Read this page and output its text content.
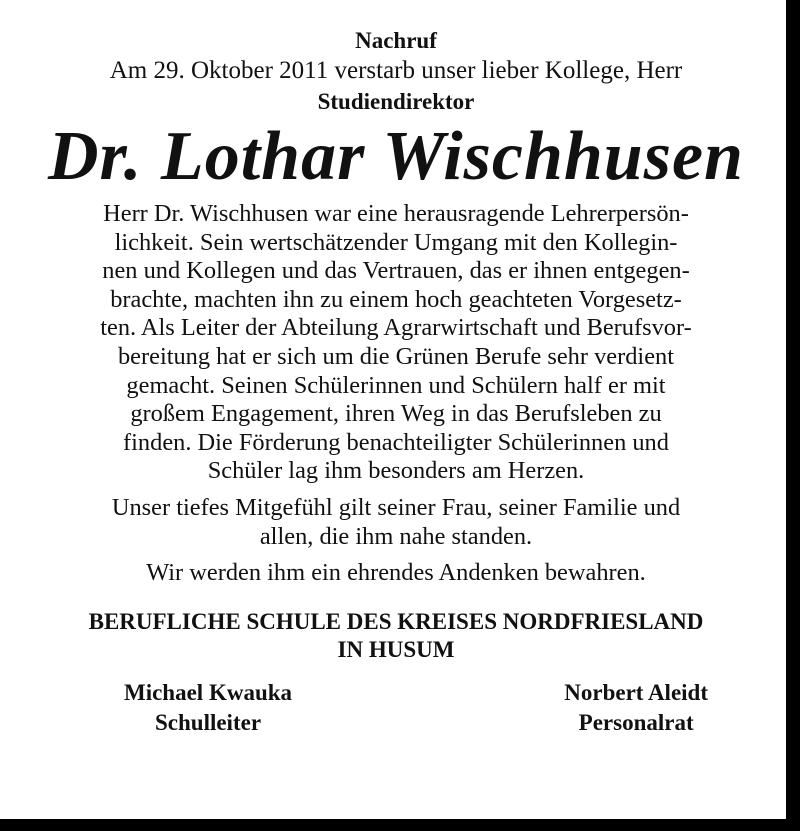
Nachruf

Am 29. Oktober 2011 verstarb unser lieber Kollege, Herr

Studiendirektor

Dr. Lothar Wischhusen

Herr Dr. Wischhusen war eine herausragende Lehrerpersön-
lichkeit. Sein wertschätzender Umgang mit den Kollegin-
nen und Kollegen und das Vertrauen, das er ihnen entgegen-
brachte, machten ihn zu einem hoch geachteten Vorgesetz-
ten. Als Leiter der Abteilung Agrarwirtschaft und Berufsvor-
bereitung hat er sich um die Grünen Berufe sehr verdient
gemacht. Seinen Schülerinnen und Schülern half er mit
großem Engagement, ihren Weg in das Berufsleben zu
finden. Die Förderung benachteiligter Schülerinnen und
Schüler lag ihm besonders am Herzen.
Unser tiefes Mitgefühl gilt seiner Frau, seiner Familie und
allen, die ihm nahe standen.
Wir werden ihm ein ehrendes Andenken bewahren.
BERUFLICHE SCHULE DES KREISES NORDFRIESLAND
IN HUSUM
Michael Kwauka
Schulleiter
Norbert Aleidt
Personalrat
